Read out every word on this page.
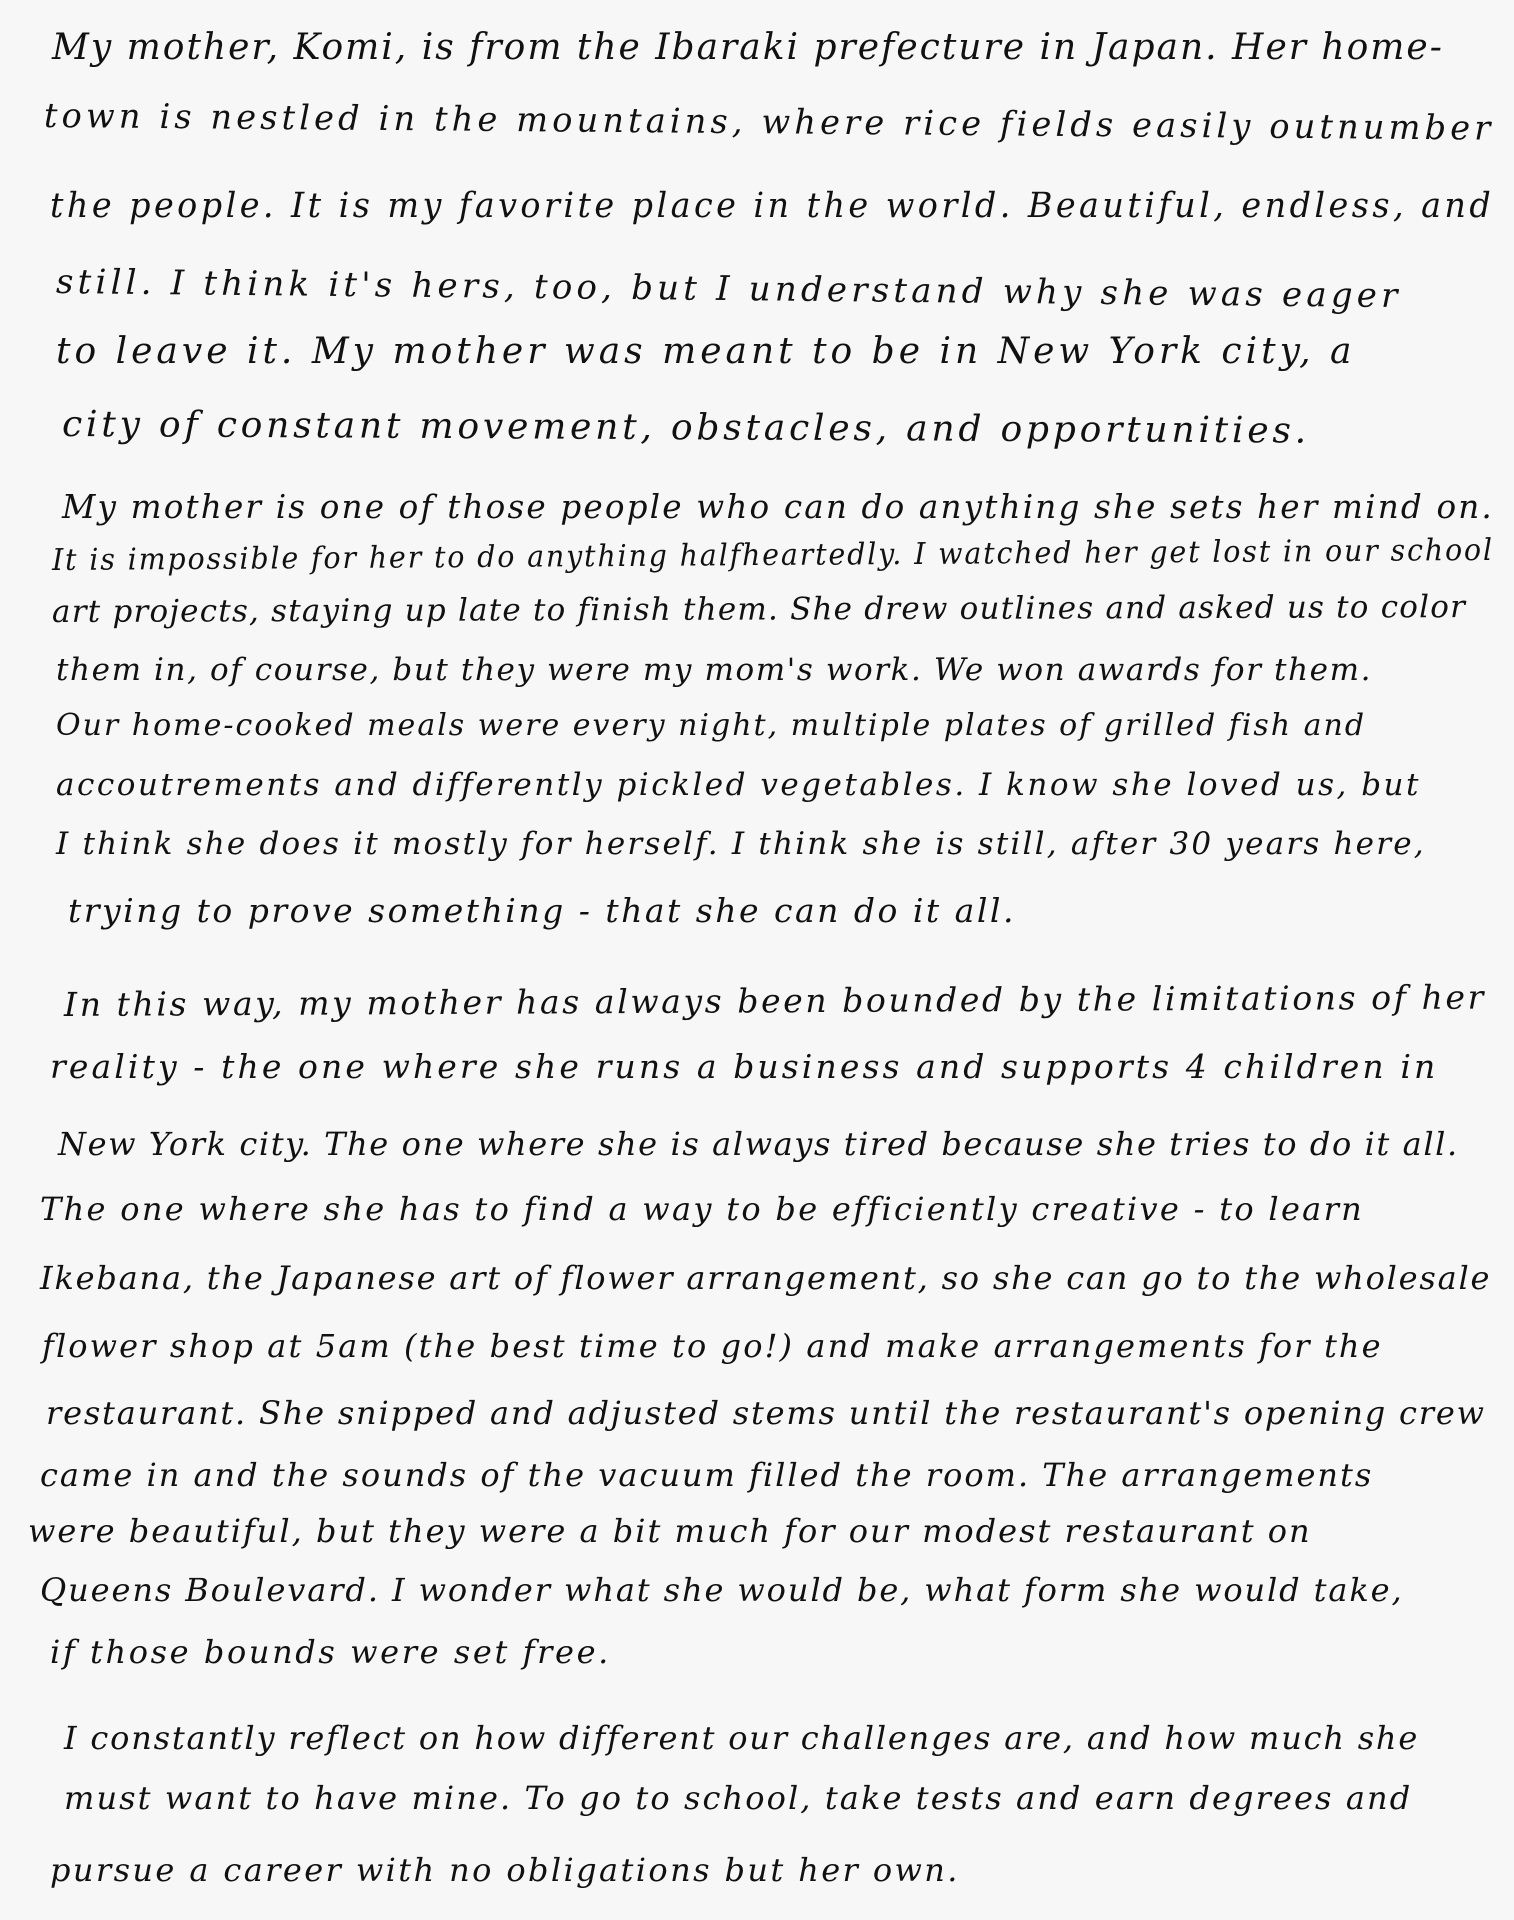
My mother, Komi, is from the Ibaraki prefecture in Japan. Her home-
town is nestled in the mountains, where rice fields easily outnumber
the people. It is my favorite place in the world. Beautiful, endless, and
still. I think it's hers, too, but I understand why she was eager
to leave it. My mother was meant to be in New York city, a
city of constant movement, obstacles, and opportunities.
My mother is one of those people who can do anything she sets her mind on.
It is impossible for her to do anything halfheartedly. I watched her get lost in our school
art projects, staying up late to finish them. She drew outlines and asked us to color
them in, of course, but they were my mom's work. We won awards for them.
Our home-cooked meals were every night, multiple plates of grilled fish and
accoutrements and differently pickled vegetables. I know she loved us, but
I think she does it mostly for herself. I think she is still, after 30 years here,
trying to prove something - that she can do it all.
In this way, my mother has always been bounded by the limitations of her
reality - the one where she runs a business and supports 4 children in
New York city. The one where she is always tired because she tries to do it all.
The one where she has to find a way to be efficiently creative - to learn
Ikebana, the Japanese art of flower arrangement, so she can go to the wholesale
flower shop at 5am (the best time to go!) and make arrangements for the
restaurant. She snipped and adjusted stems until the restaurant's opening crew
came in and the sounds of the vacuum filled the room. The arrangements
were beautiful, but they were a bit much for our modest restaurant on
Queens Boulevard. I wonder what she would be, what form she would take,
if those bounds were set free.
I constantly reflect on how different our challenges are, and how much she
must want to have mine. To go to school, take tests and earn degrees and
pursue a career with no obligations but her own.
